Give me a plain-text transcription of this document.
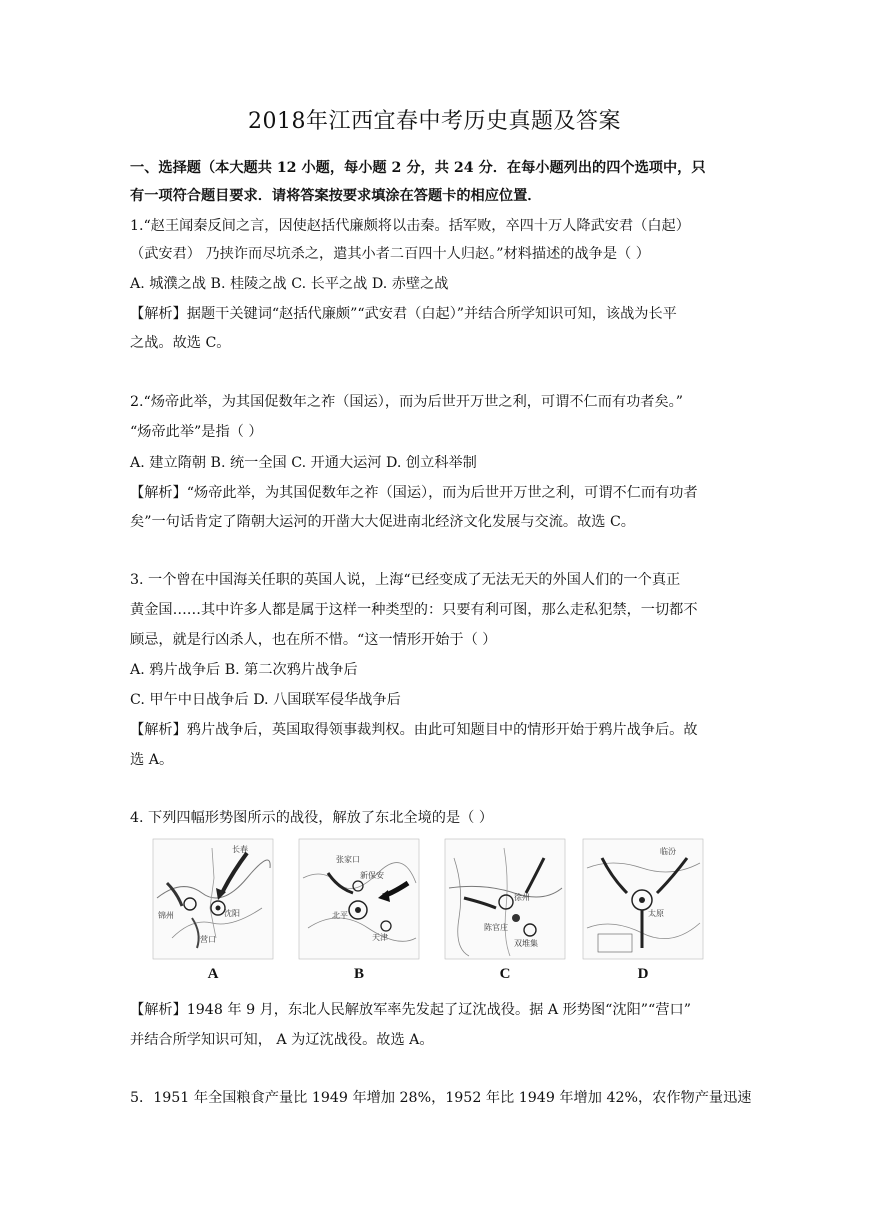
2018年江西宜春中考历史真题及答案
一、选择题（本大题共 12 小题，每小题 2 分，共 24 分．在每小题列出的四个选项中，只
有一项符合题目要求．请将答案按要求填涂在答题卡的相应位置．
1.“赵王闻秦反间之言，因使赵括代廉颇将以击秦。括军败，卒四十万人降武安君（白起）
（武安君） 乃挟诈而尽坑杀之，遣其小者二百四十人归赵。”材料描述的战争是（ ）
A. 城濮之战 B. 桂陵之战 C. 长平之战 D. 赤壁之战
【解析】据题干关键词“赵括代廉颇”“武安君（白起）”并结合所学知识可知，该战为长平
之战。故选 C。
2.“炀帝此举，为其国促数年之祚（国运），而为后世开万世之利，可谓不仁而有功者矣。”
“炀帝此举”是指（ ）
A. 建立隋朝 B. 统一全国 C. 开通大运河 D. 创立科举制
【解析】“炀帝此举，为其国促数年之祚（国运），而为后世开万世之利，可谓不仁而有功者
矣”一句话肯定了隋朝大运河的开凿大大促进南北经济文化发展与交流。故选 C。
3. 一个曾在中国海关任职的英国人说，上海“已经变成了无法无天的外国人们的一个真正
黄金国……其中许多人都是属于这样一种类型的：只要有利可图，那么走私犯禁，一切都不
顾忌，就是行凶杀人，也在所不惜。“这一情形开始于（ ）
A. 鸦片战争后 B. 第二次鸦片战争后
C. 甲午中日战争后 D. 八国联军侵华战争后
【解析】鸦片战争后，英国取得领事裁判权。由此可知题目中的情形开始于鸦片战争后。故
选 A。
4. 下列四幅形势图所示的战役，解放了东北全境的是（ ）
长春
沈阳
锦州
营口
A
张家口
新保安
北平
天津
B
徐州
陈官庄
双堆集
C
太原
临汾
D
【解析】1948 年 9 月，东北人民解放军率先发起了辽沈战役。据 A 形势图“沈阳”“营口”
并结合所学知识可知， A 为辽沈战役。故选 A。
5．1951 年全国粮食产量比 1949 年增加 28%，1952 年比 1949 年增加 42%，农作物产量迅速
